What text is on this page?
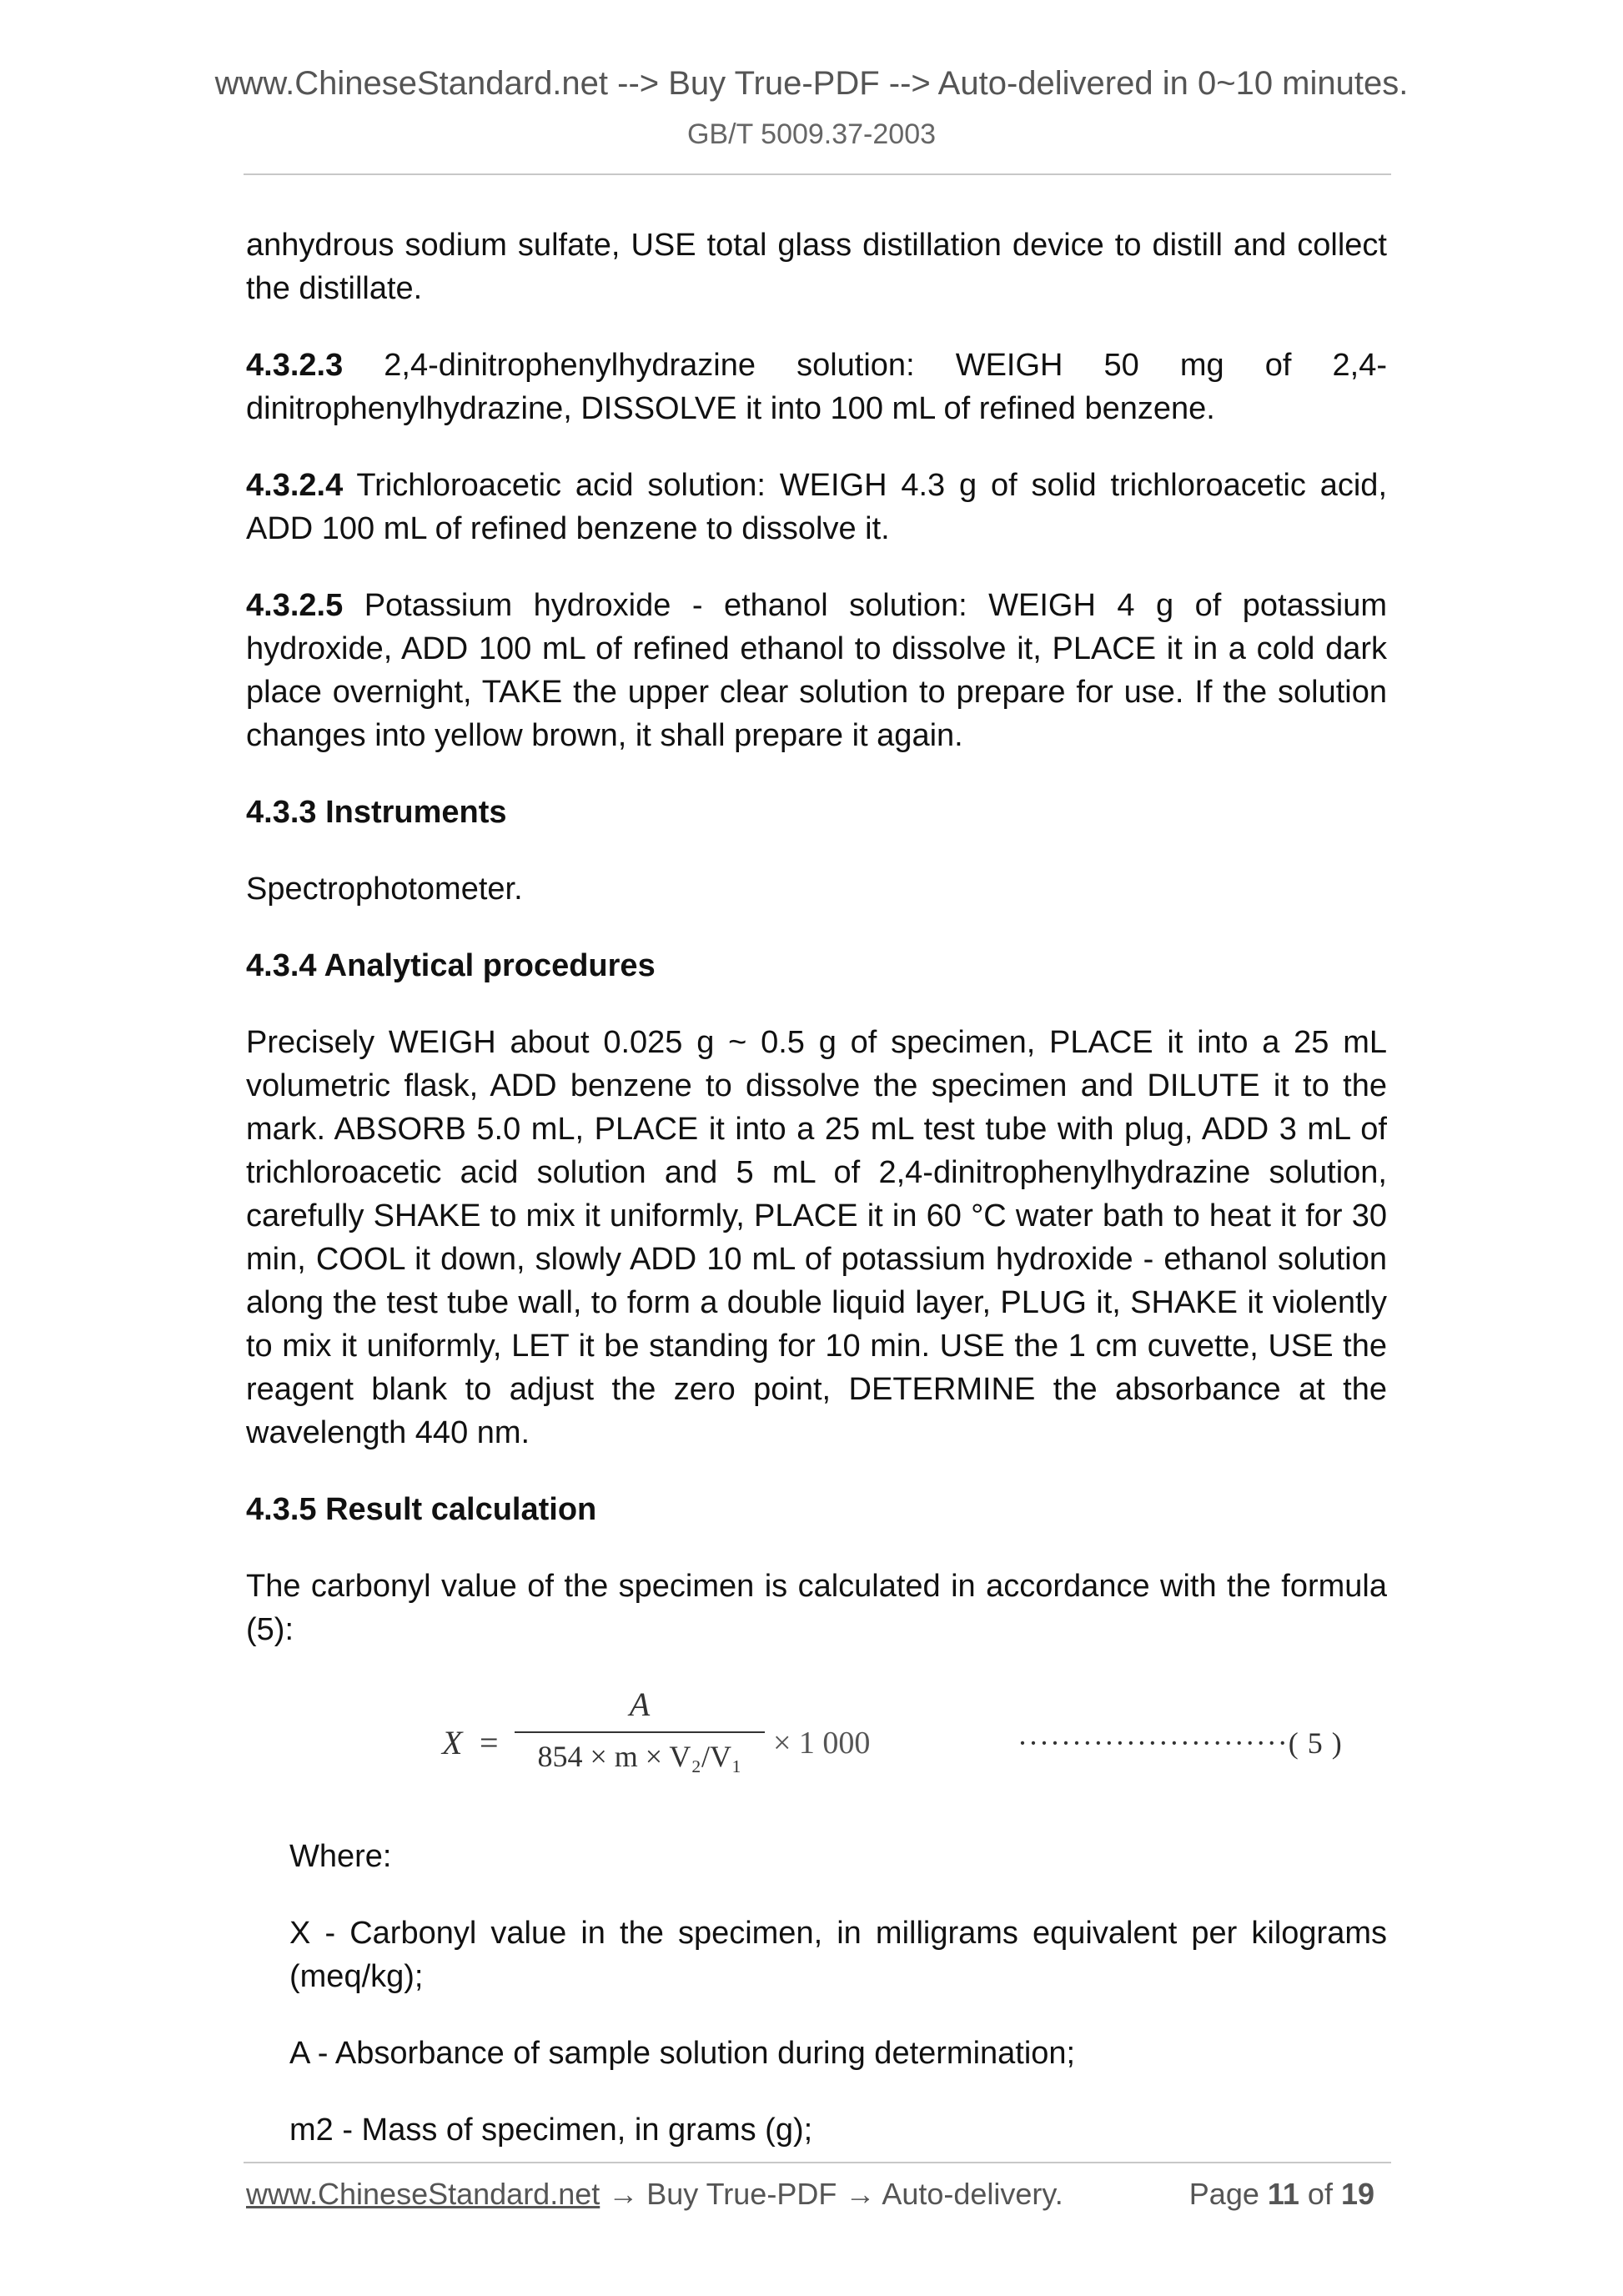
www.ChineseStandard.net --> Buy True-PDF --> Auto-delivered in 0~10 minutes.
GB/T 5009.37-2003

anhydrous sodium sulfate, USE total glass distillation device to distill and collect the distillate.

4.3.2.3 2,4-dinitrophenylhydrazine solution: WEIGH 50 mg of 2,4-dinitrophenylhydrazine, DISSOLVE it into 100 mL of refined benzene.

4.3.2.4 Trichloroacetic acid solution: WEIGH 4.3 g of solid trichloroacetic acid, ADD 100 mL of refined benzene to dissolve it.

4.3.2.5 Potassium hydroxide - ethanol solution: WEIGH 4 g of potassium hydroxide, ADD 100 mL of refined ethanol to dissolve it, PLACE it in a cold dark place overnight, TAKE the upper clear solution to prepare for use. If the solution changes into yellow brown, it shall prepare it again.

4.3.3 Instruments

Spectrophotometer.

4.3.4 Analytical procedures

Precisely WEIGH about 0.025 g ~ 0.5 g of specimen, PLACE it into a 25 mL volumetric flask, ADD benzene to dissolve the specimen and DILUTE it to the mark. ABSORB 5.0 mL, PLACE it into a 25 mL test tube with plug, ADD 3 mL of trichloroacetic acid solution and 5 mL of 2,4-dinitrophenylhydrazine solution, carefully SHAKE to mix it uniformly, PLACE it in 60 °C water bath to heat it for 30 min, COOL it down, slowly ADD 10 mL of potassium hydroxide - ethanol solution along the test tube wall, to form a double liquid layer, PLUG it, SHAKE it violently to mix it uniformly, LET it be standing for 10 min. USE the 1 cm cuvette, USE the reagent blank to adjust the zero point, DETERMINE the absorbance at the wavelength 440 nm.

4.3.5 Result calculation

The carbonyl value of the specimen is calculated in accordance with the formula (5):

X =
A
854 × m × V₂/V₁ × 1 000	·························( 5 )

Where:

X - Carbonyl value in the specimen, in milligrams equivalent per kilograms (meq/kg);

A - Absorbance of sample solution during determination;

m2 - Mass of specimen, in grams (g);

www.ChineseStandard.net → Buy True-PDF → Auto-delivery.	Page 11 of 19
